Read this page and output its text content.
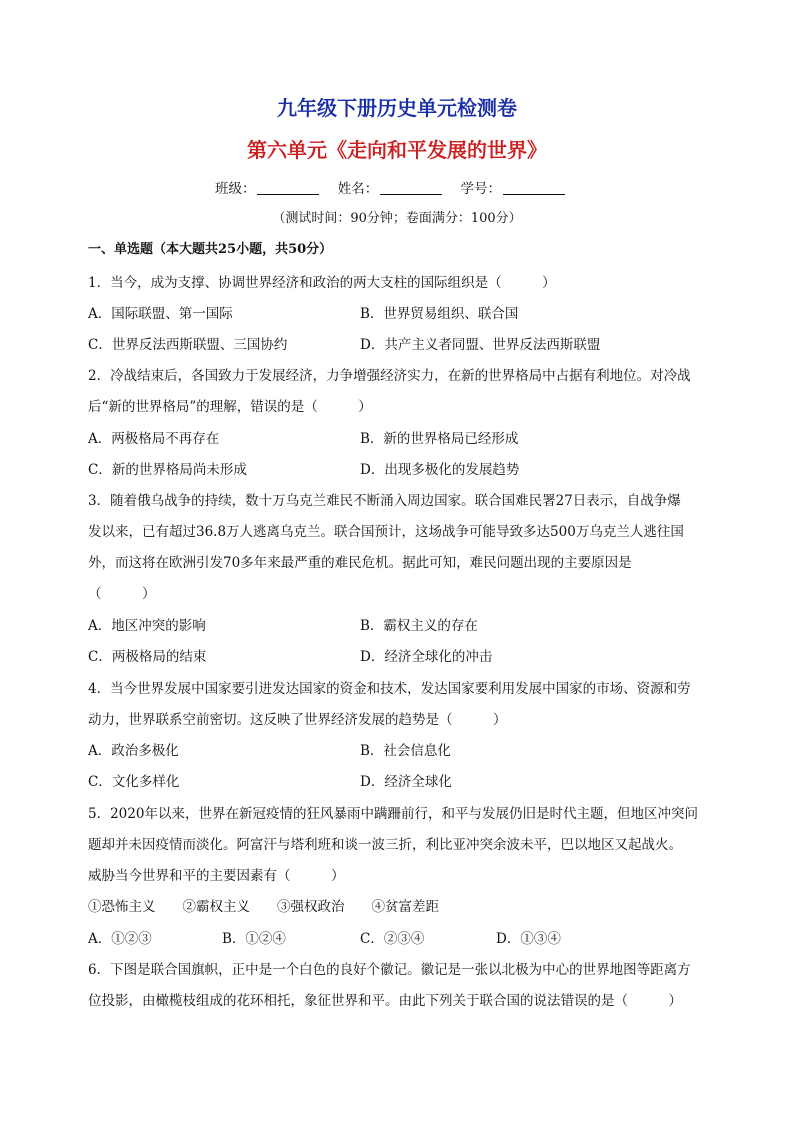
九年级下册历史单元检测卷
第六单元《走向和平发展的世界》
班级：	姓名：	学号：
（测试时间：90分钟；卷面满分：100分）
一、单选题（本大题共25小题，共50分）
1．当今，成为支撑、协调世界经济和政治的两大支柱的国际组织是（　　　）
A．国际联盟、第一国际	B．世界贸易组织、联合国
C．世界反法西斯联盟、三国协约	D．共产主义者同盟、世界反法西斯联盟
2．冷战结束后，各国致力于发展经济，力争增强经济实力，在新的世界格局中占据有利地位。对冷战
后“新的世界格局”的理解，错误的是（　　　）
A．两极格局不再存在	B．新的世界格局已经形成
C．新的世界格局尚未形成	D．出现多极化的发展趋势
3．随着俄乌战争的持续，数十万乌克兰难民不断涌入周边国家。联合国难民署27日表示，自战争爆
发以来，已有超过36.8万人逃离乌克兰。联合国预计，这场战争可能导致多达500万乌克兰人逃往国
外，而这将在欧洲引发70多年来最严重的难民危机。据此可知，难民问题出现的主要原因是
（　　　）
A．地区冲突的影响	B．霸权主义的存在
C．两极格局的结束	D．经济全球化的冲击
4．当今世界发展中国家要引进发达国家的资金和技术，发达国家要利用发展中国家的市场、资源和劳
动力，世界联系空前密切。这反映了世界经济发展的趋势是（　　　）
A．政治多极化	B．社会信息化
C．文化多样化	D．经济全球化
5．2020年以来，世界在新冠疫情的狂风暴雨中蹒跚前行，和平与发展仍旧是时代主题，但地区冲突问
题却并未因疫情而淡化。阿富汗与塔利班和谈一波三折，利比亚冲突余波未平，巴以地区又起战火。
威胁当今世界和平的主要因素有（　　　）
①恐怖主义　　②霸权主义　　③强权政治　　④贫富差距
A．①②③	B．①②④	C．②③④	D．①③④
6．下图是联合国旗帜，正中是一个白色的良好个徽记。徽记是一张以北极为中心的世界地图等距离方
位投影，由橄榄枝组成的花环相托，象征世界和平。由此下列关于联合国的说法错误的是（　　　）
